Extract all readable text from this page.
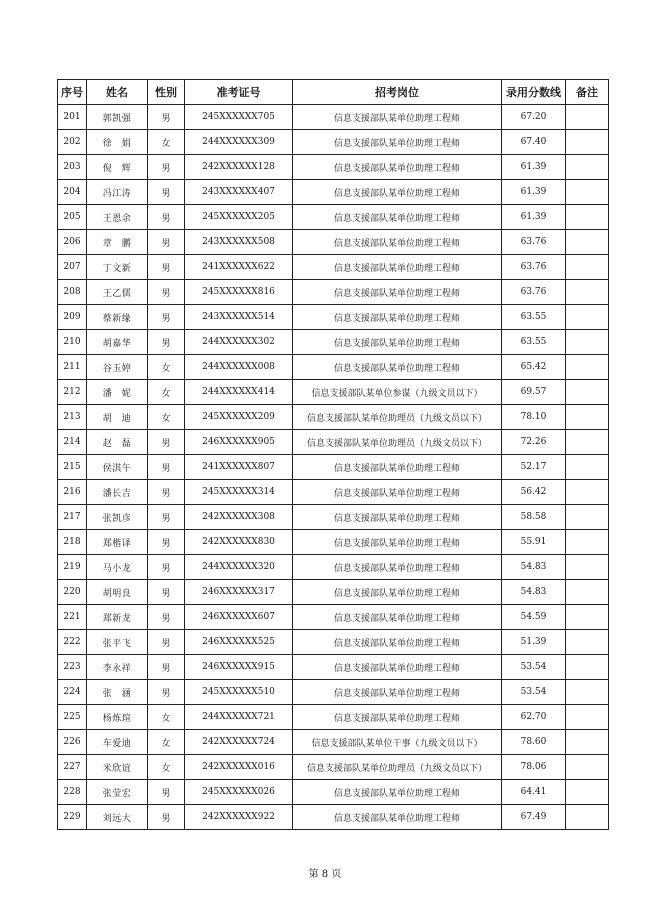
序号	姓名	性别	准考证号	招考岗位	录用分数线	备注
201	郭凯强	男	245XXXXXX705	信息支援部队某单位助理工程师	67.20	
202	徐　娟	女	244XXXXXX309	信息支援部队某单位助理工程师	67.40	
203	倪　辉	男	242XXXXXX128	信息支援部队某单位助理工程师	61.39	
204	冯江涛	男	243XXXXXX407	信息支援部队某单位助理工程师	61.39	
205	王恩余	男	245XXXXXX205	信息支援部队某单位助理工程师	61.39	
206	章　鹏	男	243XXXXXX508	信息支援部队某单位助理工程师	63.76	
207	丁文新	男	241XXXXXX622	信息支援部队某单位助理工程师	63.76	
208	王乙儒	男	245XXXXXX816	信息支援部队某单位助理工程师	63.76	
209	蔡新缘	男	243XXXXXX514	信息支援部队某单位助理工程师	63.55	
210	胡嘉华	男	244XXXXXX302	信息支援部队某单位助理工程师	63.55	
211	谷玉婷	女	244XXXXXX008	信息支援部队某单位助理工程师	65.42	
212	潘　妮	女	244XXXXXX414	信息支援部队某单位参谋（九级文员以下）	69.57	
213	胡　迪	女	245XXXXXX209	信息支援部队某单位助理员（九级文员以下）	78.10	
214	赵　磊	男	246XXXXXX905	信息支援部队某单位助理员（九级文员以下）	72.26	
215	侯淇午	男	241XXXXXX807	信息支援部队某单位助理工程师	52.17	
216	潘长吉	男	245XXXXXX314	信息支援部队某单位助理工程师	56.42	
217	张凯彦	男	242XXXXXX308	信息支援部队某单位助理工程师	58.58	
218	郑楷译	男	242XXXXXX830	信息支援部队某单位助理工程师	55.91	
219	马小龙	男	244XXXXXX320	信息支援部队某单位助理工程师	54.83	
220	胡明良	男	246XXXXXX317	信息支援部队某单位助理工程师	54.83	
221	郑新龙	男	246XXXXXX607	信息支援部队某单位助理工程师	54.59	
222	张平飞	男	246XXXXXX525	信息支援部队某单位助理工程师	51.39	
223	李永祥	男	246XXXXXX915	信息支援部队某单位助理工程师	53.54	
224	张　涵	男	245XXXXXX510	信息支援部队某单位助理工程师	53.54	
225	杨炼瑄	女	244XXXXXX721	信息支援部队某单位助理工程师	62.70	
226	车爱迪	女	242XXXXXX724	信息支援部队某单位干事（九级文员以下）	78.60	
227	米欣谊	女	242XXXXXX016	信息支援部队某单位助理员（九级文员以下）	78.06	
228	张莹宏	男	245XXXXXX026	信息支援部队某单位助理工程师	64.41	
229	刘远大	男	242XXXXXX922	信息支援部队某单位助理工程师	67.49	
第 8 页
